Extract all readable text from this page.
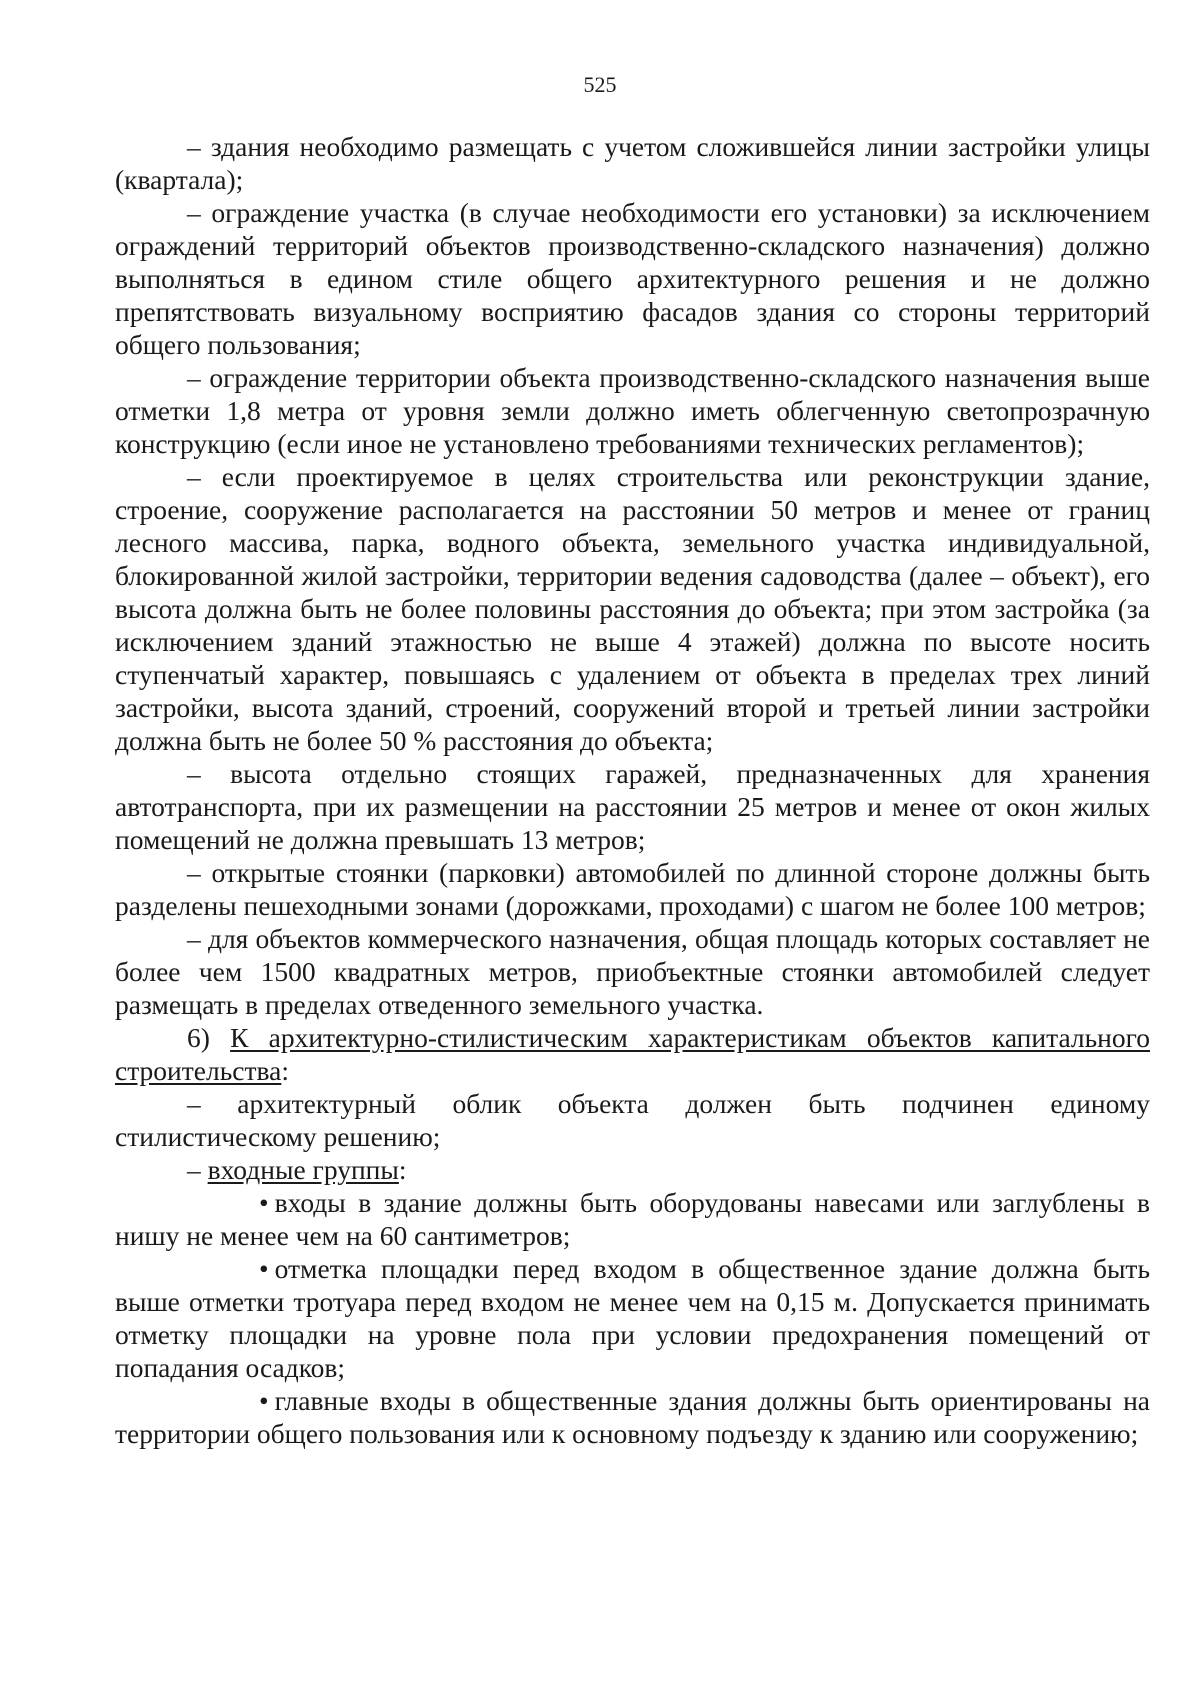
525

– здания необходимо размещать с учетом сложившейся линии застройки улицы (квартала);

– ограждение участка (в случае необходимости его установки) за исключением ограждений территорий объектов производственно-складского назначения) должно выполняться в едином стиле общего архитектурного решения и не должно препятствовать визуальному восприятию фасадов здания со стороны территорий общего пользования;

– ограждение территории объекта производственно-складского назначения выше отметки 1,8 метра от уровня земли должно иметь облегченную светопрозрачную конструкцию (если иное не установлено требованиями технических регламентов);

– если проектируемое в целях строительства или реконструкции здание, строение, сооружение располагается на расстоянии 50 метров и менее от границ лесного массива, парка, водного объекта, земельного участка индивидуальной, блокированной жилой застройки, территории ведения садоводства (далее – объект), его высота должна быть не более половины расстояния до объекта; при этом застройка (за исключением зданий этажностью не выше 4 этажей) должна по высоте носить ступенчатый характер, повышаясь с удалением от объекта в пределах трех линий застройки, высота зданий, строений, сооружений второй и третьей линии застройки должна быть не более 50 % расстояния до объекта;

– высота отдельно стоящих гаражей, предназначенных для хранения автотранспорта, при их размещении на расстоянии 25 метров и менее от окон жилых помещений не должна превышать 13 метров;

– открытые стоянки (парковки) автомобилей по длинной стороне должны быть разделены пешеходными зонами (дорожками, проходами) с шагом не более 100 метров;

– для объектов коммерческого назначения, общая площадь которых составляет не более чем 1500 квадратных метров, приобъектные стоянки автомобилей следует размещать в пределах отведенного земельного участка.

6) К архитектурно-стилистическим характеристикам объектов капитального строительства:

– архитектурный облик объекта должен быть подчинен единому стилистическому решению;

– входные группы:

• входы в здание должны быть оборудованы навесами или заглублены в нишу не менее чем на 60 сантиметров;

• отметка площадки перед входом в общественное здание должна быть выше отметки тротуара перед входом не менее чем на 0,15 м. Допускается принимать отметку площадки на уровне пола при условии предохранения помещений от попадания осадков;

• главные входы в общественные здания должны быть ориентированы на территории общего пользования или к основному подъезду к зданию или сооружению;
